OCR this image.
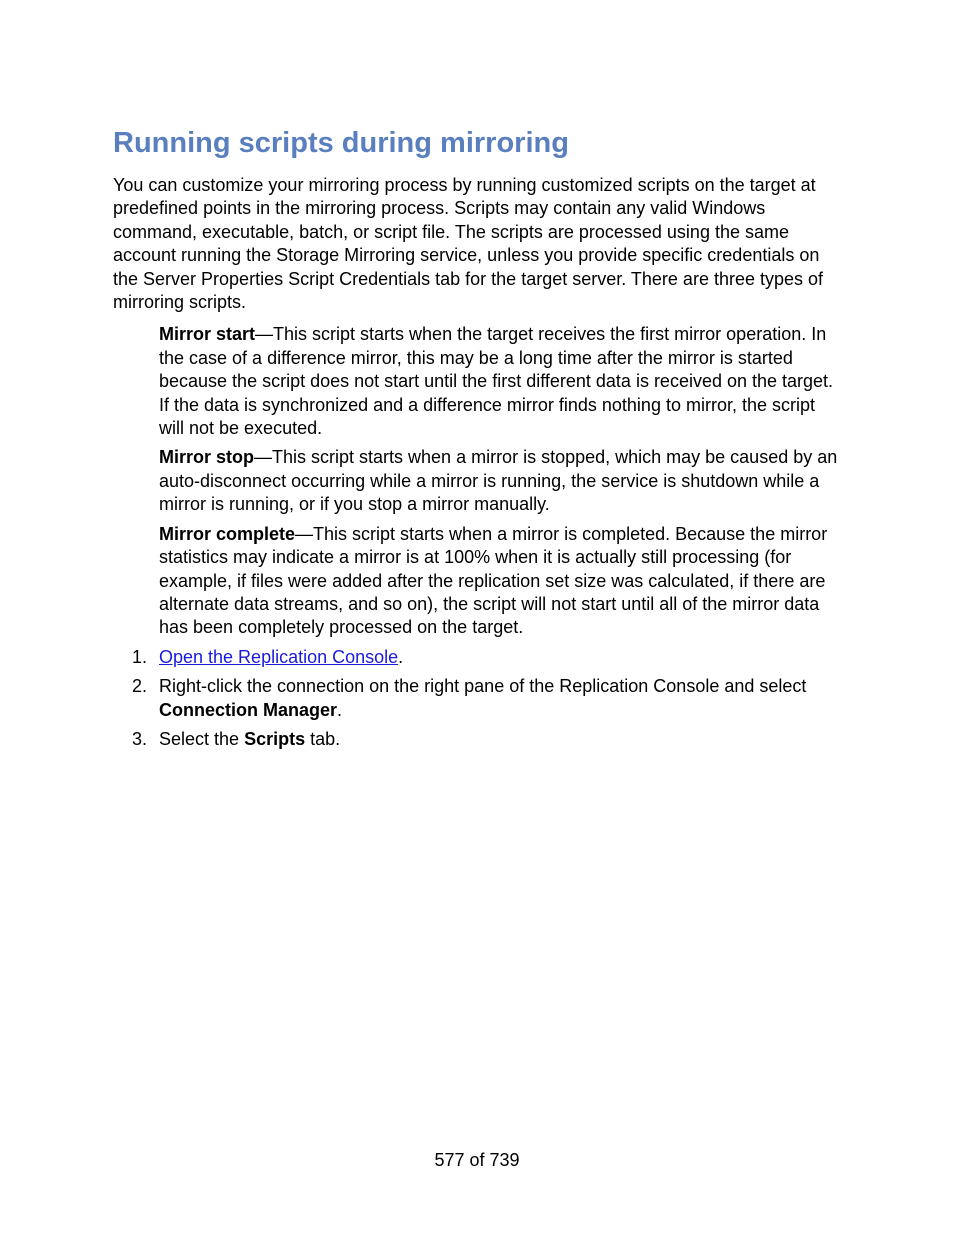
Running scripts during mirroring

You can customize your mirroring process by running customized scripts on the target at predefined points in the mirroring process. Scripts may contain any valid Windows command, executable, batch, or script file. The scripts are processed using the same account running the Storage Mirroring service, unless you provide specific credentials on the Server Properties Script Credentials tab for the target server. There are three types of mirroring scripts.

Mirror start—This script starts when the target receives the first mirror operation. In the case of a difference mirror, this may be a long time after the mirror is started because the script does not start until the first different data is received on the target. If the data is synchronized and a difference mirror finds nothing to mirror, the script will not be executed.

Mirror stop—This script starts when a mirror is stopped, which may be caused by an auto-disconnect occurring while a mirror is running, the service is shutdown while a mirror is running, or if you stop a mirror manually.

Mirror complete—This script starts when a mirror is completed. Because the mirror statistics may indicate a mirror is at 100% when it is actually still processing (for example, if files were added after the replication set size was calculated, if there are alternate data streams, and so on), the script will not start until all of the mirror data has been completely processed on the target.

1. Open the Replication Console.
2. Right-click the connection on the right pane of the Replication Console and select Connection Manager.
3. Select the Scripts tab.
577 of 739
